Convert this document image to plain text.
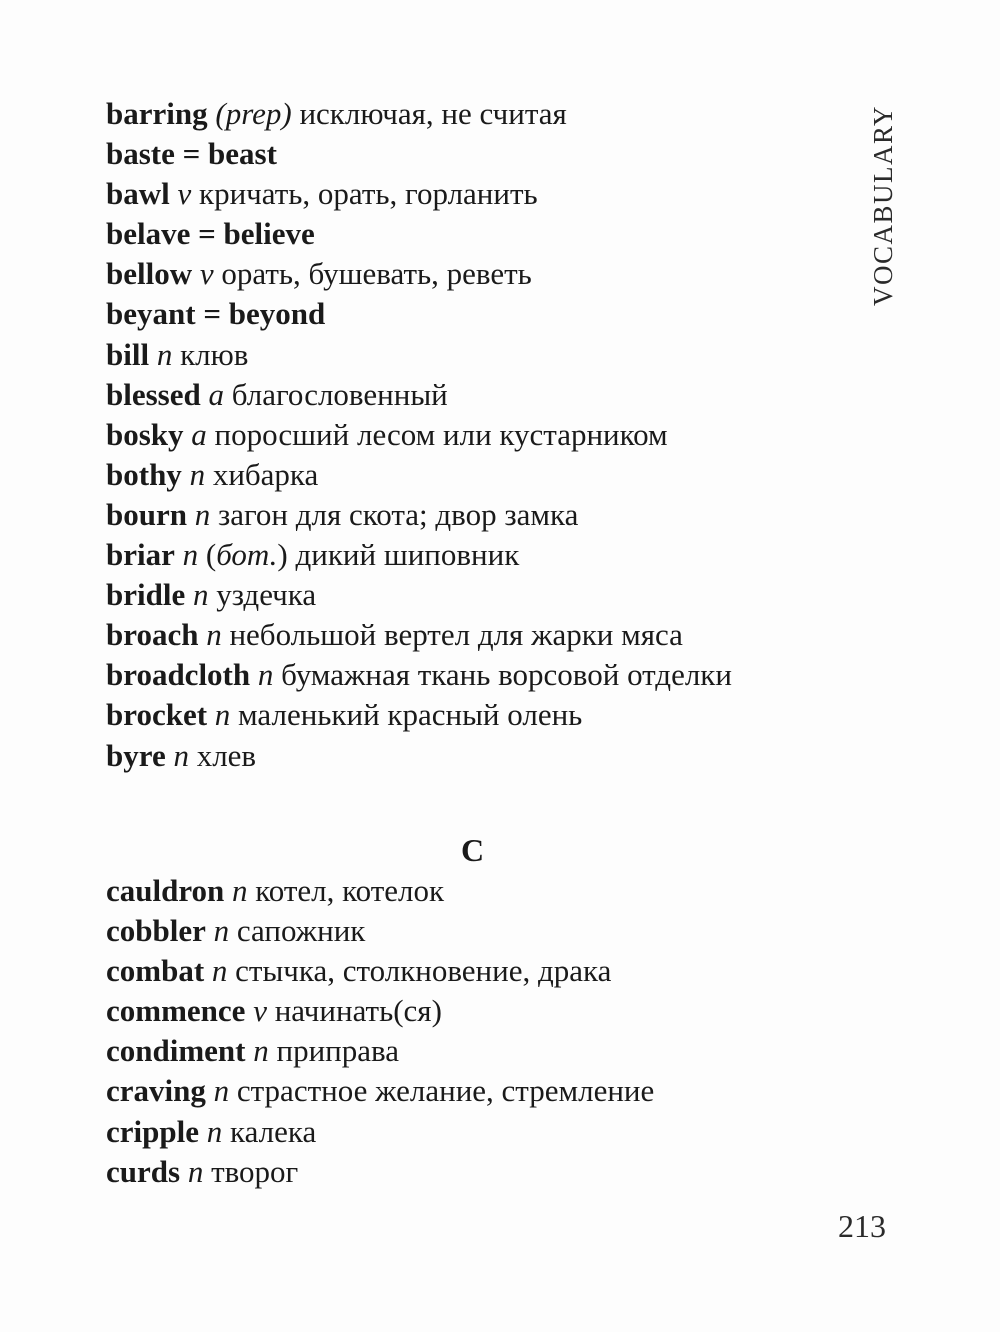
VOCABULARY
barring (prep) исключая, не считая
baste = beast
bawl v кричать, орать, горланить
belave = believe
bellow v орать, бушевать, реветь
beyant = beyond
bill n клюв
blessed a благословенный
bosky a поросший лесом или кустарником
bothy n хибарка
bourn n загон для скота; двор замка
briar n (бот.) дикий шиповник
bridle n уздечка
broach n небольшой вертел для жарки мяса
broadcloth n бумажная ткань ворсовой отделки
brocket n маленький красный олень
byre n хлев
C
cauldron n котел, котелок
cobbler n сапожник
combat n стычка, столкновение, драка
commence v начинать(ся)
condiment n приправа
craving n страстное желание, стремление
cripple n калека
curds n творог
213
